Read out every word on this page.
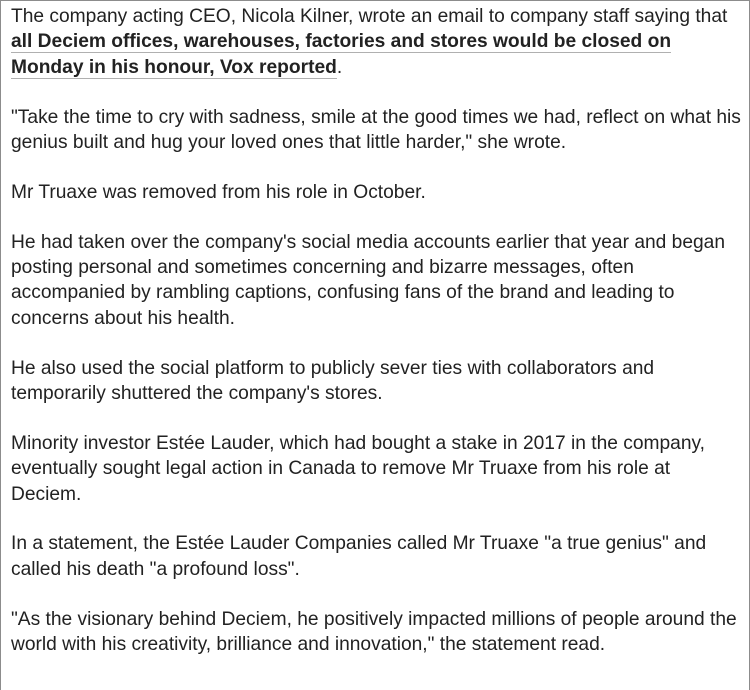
The company acting CEO, Nicola Kilner, wrote an email to company staff saying that all Deciem offices, warehouses, factories and stores would be closed on Monday in his honour, Vox reported.

"Take the time to cry with sadness, smile at the good times we had, reflect on what his genius built and hug your loved ones that little harder," she wrote.

Mr Truaxe was removed from his role in October.

He had taken over the company's social media accounts earlier that year and began posting personal and sometimes concerning and bizarre messages, often accompanied by rambling captions, confusing fans of the brand and leading to concerns about his health.

He also used the social platform to publicly sever ties with collaborators and temporarily shuttered the company's stores.

Minority investor Estée Lauder, which had bought a stake in 2017 in the company, eventually sought legal action in Canada to remove Mr Truaxe from his role at Deciem.

In a statement, the Estée Lauder Companies called Mr Truaxe "a true genius" and called his death "a profound loss".

"As the visionary behind Deciem, he positively impacted millions of people around the world with his creativity, brilliance and innovation," the statement read.
